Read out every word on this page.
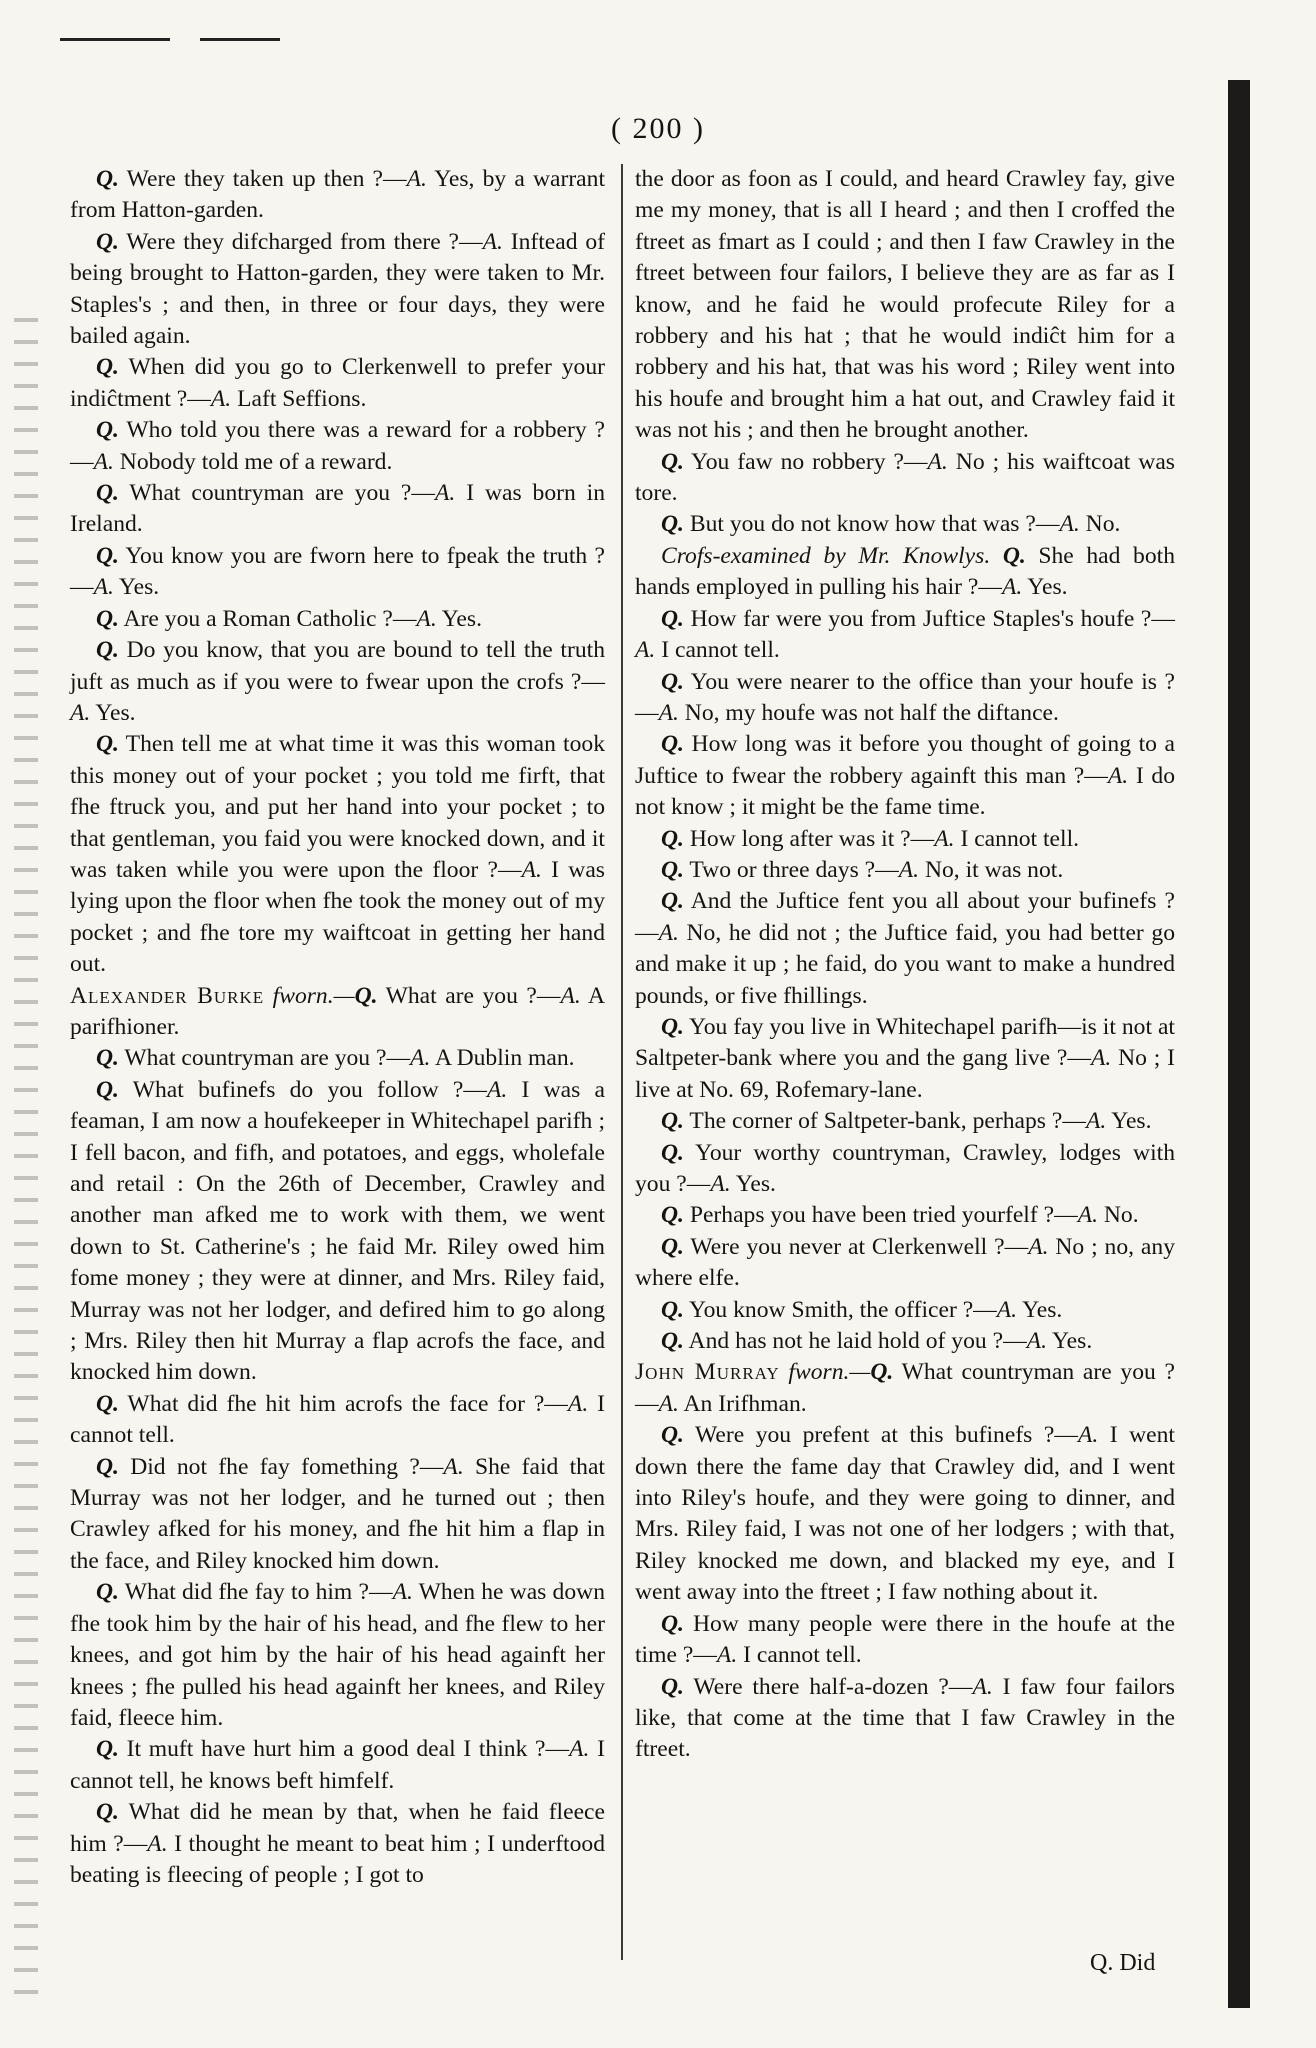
( 200 )

Q. Were they taken up then ?—A. Yes, by a warrant from Hatton-garden.

Q. Were they difcharged from there ?—A. Inftead of being brought to Hatton-garden, they were taken to Mr. Staples's ; and then, in three or four days, they were bailed again.

Q. When did you go to Clerkenwell to prefer your indiĉtment ?—A. Laft Seffions.

Q. Who told you there was a reward for a robbery ?—A. Nobody told me of a reward.

Q. What countryman are you ?—A. I was born in Ireland.

Q. You know you are fworn here to fpeak the truth ?—A. Yes.

Q. Are you a Roman Catholic ?—A. Yes.

Q. Do you know, that you are bound to tell the truth juft as much as if you were to fwear upon the crofs ?—A. Yes.

Q. Then tell me at what time it was this woman took this money out of your pocket ; you told me firft, that fhe ftruck you, and put her hand into your pocket ; to that gentleman, you faid you were knocked down, and it was taken while you were upon the floor ?—A. I was lying upon the floor when fhe took the money out of my pocket ; and fhe tore my waiftcoat in getting her hand out.

Alexander Burke fworn.—Q. What are you ?—A. A parifhioner.

Q. What countryman are you ?—A. A Dublin man.

Q. What bufinefs do you follow ?—A. I was a feaman, I am now a houfekeeper in Whitechapel parifh ; I fell bacon, and fifh, and potatoes, and eggs, wholefale and retail : On the 26th of December, Crawley and another man afked me to work with them, we went down to St. Catherine's ; he faid Mr. Riley owed him fome money ; they were at dinner, and Mrs. Riley faid, Murray was not her lodger, and defired him to go along ; Mrs. Riley then hit Murray a flap acrofs the face, and knocked him down.

Q. What did fhe hit him acrofs the face for ?—A. I cannot tell.

Q. Did not fhe fay fomething ?—A. She faid that Murray was not her lodger, and he turned out ; then Crawley afked for his money, and fhe hit him a flap in the face, and Riley knocked him down.

Q. What did fhe fay to him ?—A. When he was down fhe took him by the hair of his head, and fhe flew to her knees, and got him by the hair of his head againft her knees ; fhe pulled his head againft her knees, and Riley faid, fleece him.

Q. It muft have hurt him a good deal I think ?—A. I cannot tell, he knows beft himfelf.

Q. What did he mean by that, when he faid fleece him ?—A. I thought he meant to beat him ; I underftood beating is fleecing of people ; I got to

the door as foon as I could, and heard Crawley fay, give me my money, that is all I heard ; and then I croffed the ftreet as fmart as I could ; and then I faw Crawley in the ftreet between four failors, I believe they are as far as I know, and he faid he would profecute Riley for a robbery and his hat ; that he would indiĉt him for a robbery and his hat, that was his word ; Riley went into his houfe and brought him a hat out, and Crawley faid it was not his ; and then he brought another.

Q. You faw no robbery ?—A. No ; his waiftcoat was tore.

Q. But you do not know how that was ?—A. No.

Crofs-examined by Mr. Knowlys. Q. She had both hands employed in pulling his hair ?—A. Yes.

Q. How far were you from Juftice Staples's houfe ?—A. I cannot tell.

Q. You were nearer to the office than your houfe is ?—A. No, my houfe was not half the diftance.

Q. How long was it before you thought of going to a Juftice to fwear the robbery againft this man ?—A. I do not know ; it might be the fame time.

Q. How long after was it ?—A. I cannot tell.

Q. Two or three days ?—A. No, it was not.

Q. And the Juftice fent you all about your bufinefs ?—A. No, he did not ; the Juftice faid, you had better go and make it up ; he faid, do you want to make a hundred pounds, or five fhillings.

Q. You fay you live in Whitechapel parifh—is it not at Saltpeter-bank where you and the gang live ?—A. No ; I live at No. 69, Rofemary-lane.

Q. The corner of Saltpeter-bank, perhaps ?—A. Yes.

Q. Your worthy countryman, Crawley, lodges with you ?—A. Yes.

Q. Perhaps you have been tried yourfelf ?—A. No.

Q. Were you never at Clerkenwell ?—A. No ; no, any where elfe.

Q. You know Smith, the officer ?—A. Yes.

Q. And has not he laid hold of you ?—A. Yes.

John Murray fworn.—Q. What countryman are you ?—A. An Irifhman.

Q. Were you prefent at this bufinefs ?—A. I went down there the fame day that Crawley did, and I went into Riley's houfe, and they were going to dinner, and Mrs. Riley faid, I was not one of her lodgers ; with that, Riley knocked me down, and blacked my eye, and I went away into the ftreet ; I faw nothing about it.

Q. How many people were there in the houfe at the time ?—A. I cannot tell.

Q. Were there half-a-dozen ?—A. I faw four failors like, that come at the time that I faw Crawley in the ftreet.

Q. Did
